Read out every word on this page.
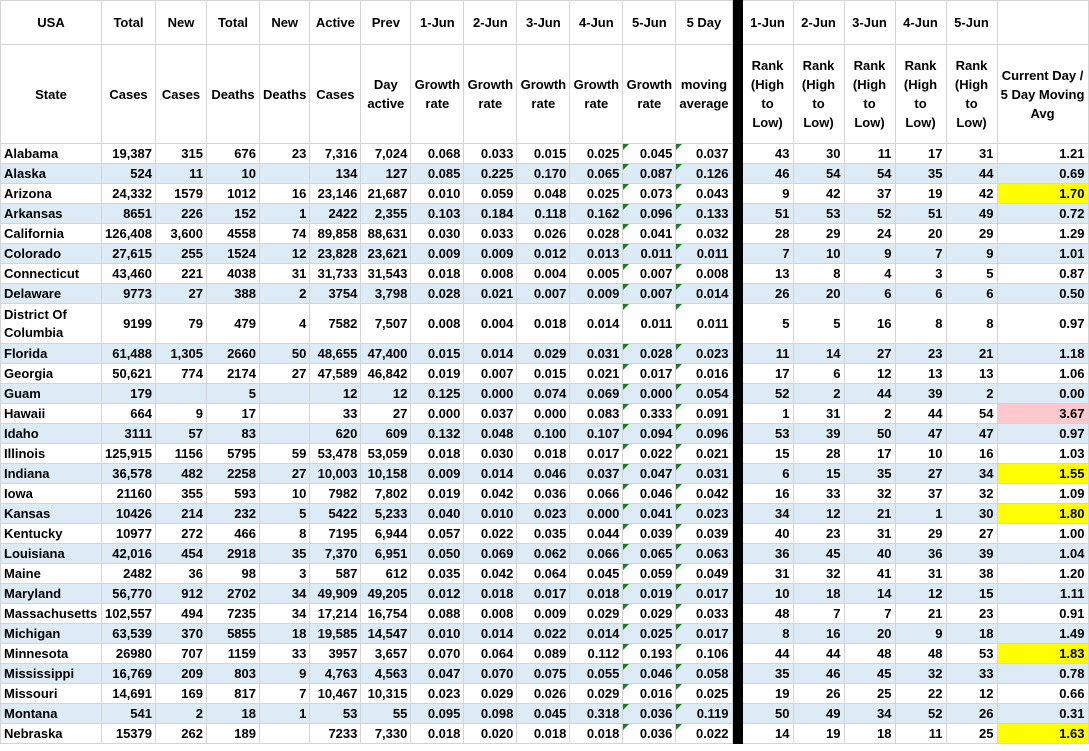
USA	Total	New	Total	New	Active	Prev	1-Jun	2-Jun	3-Jun	4-Jun	5-Jun	5 Day		1-Jun	2-Jun	3-Jun	4-Jun	5-Jun	
State	Cases	Cases	Deaths	Deaths	Cases	Day active	Growth rate	Growth rate	Growth rate	Growth rate	Growth rate	moving average		Rank (High to Low)	Rank (High to Low)	Rank (High to Low)	Rank (High to Low)	Rank (High to Low)	Current Day / 5 Day Moving Avg
Alabama	19,387	315	676	23	7,316	7,024	0.068	0.033	0.015	0.025	0.045	0.037		43	30	11	17	31	1.21
Alaska	524	11	10		134	127	0.085	0.225	0.170	0.065	0.087	0.126		46	54	54	35	44	0.69
Arizona	24,332	1579	1012	16	23,146	21,687	0.010	0.059	0.048	0.025	0.073	0.043		9	42	37	19	42	1.70
Arkansas	8651	226	152	1	2422	2,355	0.103	0.184	0.118	0.162	0.096	0.133		51	53	52	51	49	0.72
California	126,408	3,600	4558	74	89,858	88,631	0.030	0.033	0.026	0.028	0.041	0.032		28	29	24	20	29	1.29
Colorado	27,615	255	1524	12	23,828	23,621	0.009	0.009	0.012	0.013	0.011	0.011		7	10	9	7	9	1.01
Connecticut	43,460	221	4038	31	31,733	31,543	0.018	0.008	0.004	0.005	0.007	0.008		13	8	4	3	5	0.87
Delaware	9773	27	388	2	3754	3,798	0.028	0.021	0.007	0.009	0.007	0.014		26	20	6	6	6	0.50
District Of Columbia	9199	79	479	4	7582	7,507	0.008	0.004	0.018	0.014	0.011	0.011		5	5	16	8	8	0.97
Florida	61,488	1,305	2660	50	48,655	47,400	0.015	0.014	0.029	0.031	0.028	0.023		11	14	27	23	21	1.18
Georgia	50,621	774	2174	27	47,589	46,842	0.019	0.007	0.015	0.021	0.017	0.016		17	6	12	13	13	1.06
Guam	179		5		12	12	0.125	0.000	0.074	0.069	0.000	0.054		52	2	44	39	2	0.00
Hawaii	664	9	17		33	27	0.000	0.037	0.000	0.083	0.333	0.091		1	31	2	44	54	3.67
Idaho	3111	57	83		620	609	0.132	0.048	0.100	0.107	0.094	0.096		53	39	50	47	47	0.97
Illinois	125,915	1156	5795	59	53,478	53,059	0.018	0.030	0.018	0.017	0.022	0.021		15	28	17	10	16	1.03
Indiana	36,578	482	2258	27	10,003	10,158	0.009	0.014	0.046	0.037	0.047	0.031		6	15	35	27	34	1.55
Iowa	21160	355	593	10	7982	7,802	0.019	0.042	0.036	0.066	0.046	0.042		16	33	32	37	32	1.09
Kansas	10426	214	232	5	5422	5,233	0.040	0.010	0.023	0.000	0.041	0.023		34	12	21	1	30	1.80
Kentucky	10977	272	466	8	7195	6,944	0.057	0.022	0.035	0.044	0.039	0.039		40	23	31	29	27	1.00
Louisiana	42,016	454	2918	35	7,370	6,951	0.050	0.069	0.062	0.066	0.065	0.063		36	45	40	36	39	1.04
Maine	2482	36	98	3	587	612	0.035	0.042	0.064	0.045	0.059	0.049		31	32	41	31	38	1.20
Maryland	56,770	912	2702	34	49,909	49,205	0.012	0.018	0.017	0.018	0.019	0.017		10	18	14	12	15	1.11
Massachusetts	102,557	494	7235	34	17,214	16,754	0.088	0.008	0.009	0.029	0.029	0.033		48	7	7	21	23	0.91
Michigan	63,539	370	5855	18	19,585	14,547	0.010	0.014	0.022	0.014	0.025	0.017		8	16	20	9	18	1.49
Minnesota	26980	707	1159	33	3957	3,657	0.070	0.064	0.089	0.112	0.193	0.106		44	44	48	48	53	1.83
Mississippi	16,769	209	803	9	4,763	4,563	0.047	0.070	0.075	0.055	0.046	0.058		35	46	45	32	33	0.78
Missouri	14,691	169	817	7	10,467	10,315	0.023	0.029	0.026	0.029	0.016	0.025		19	26	25	22	12	0.66
Montana	541	2	18	1	53	55	0.095	0.098	0.045	0.318	0.036	0.119		50	49	34	52	26	0.31
Nebraska	15379	262	189		7233	7,330	0.018	0.020	0.018	0.018	0.036	0.022		14	19	18	11	25	1.63
